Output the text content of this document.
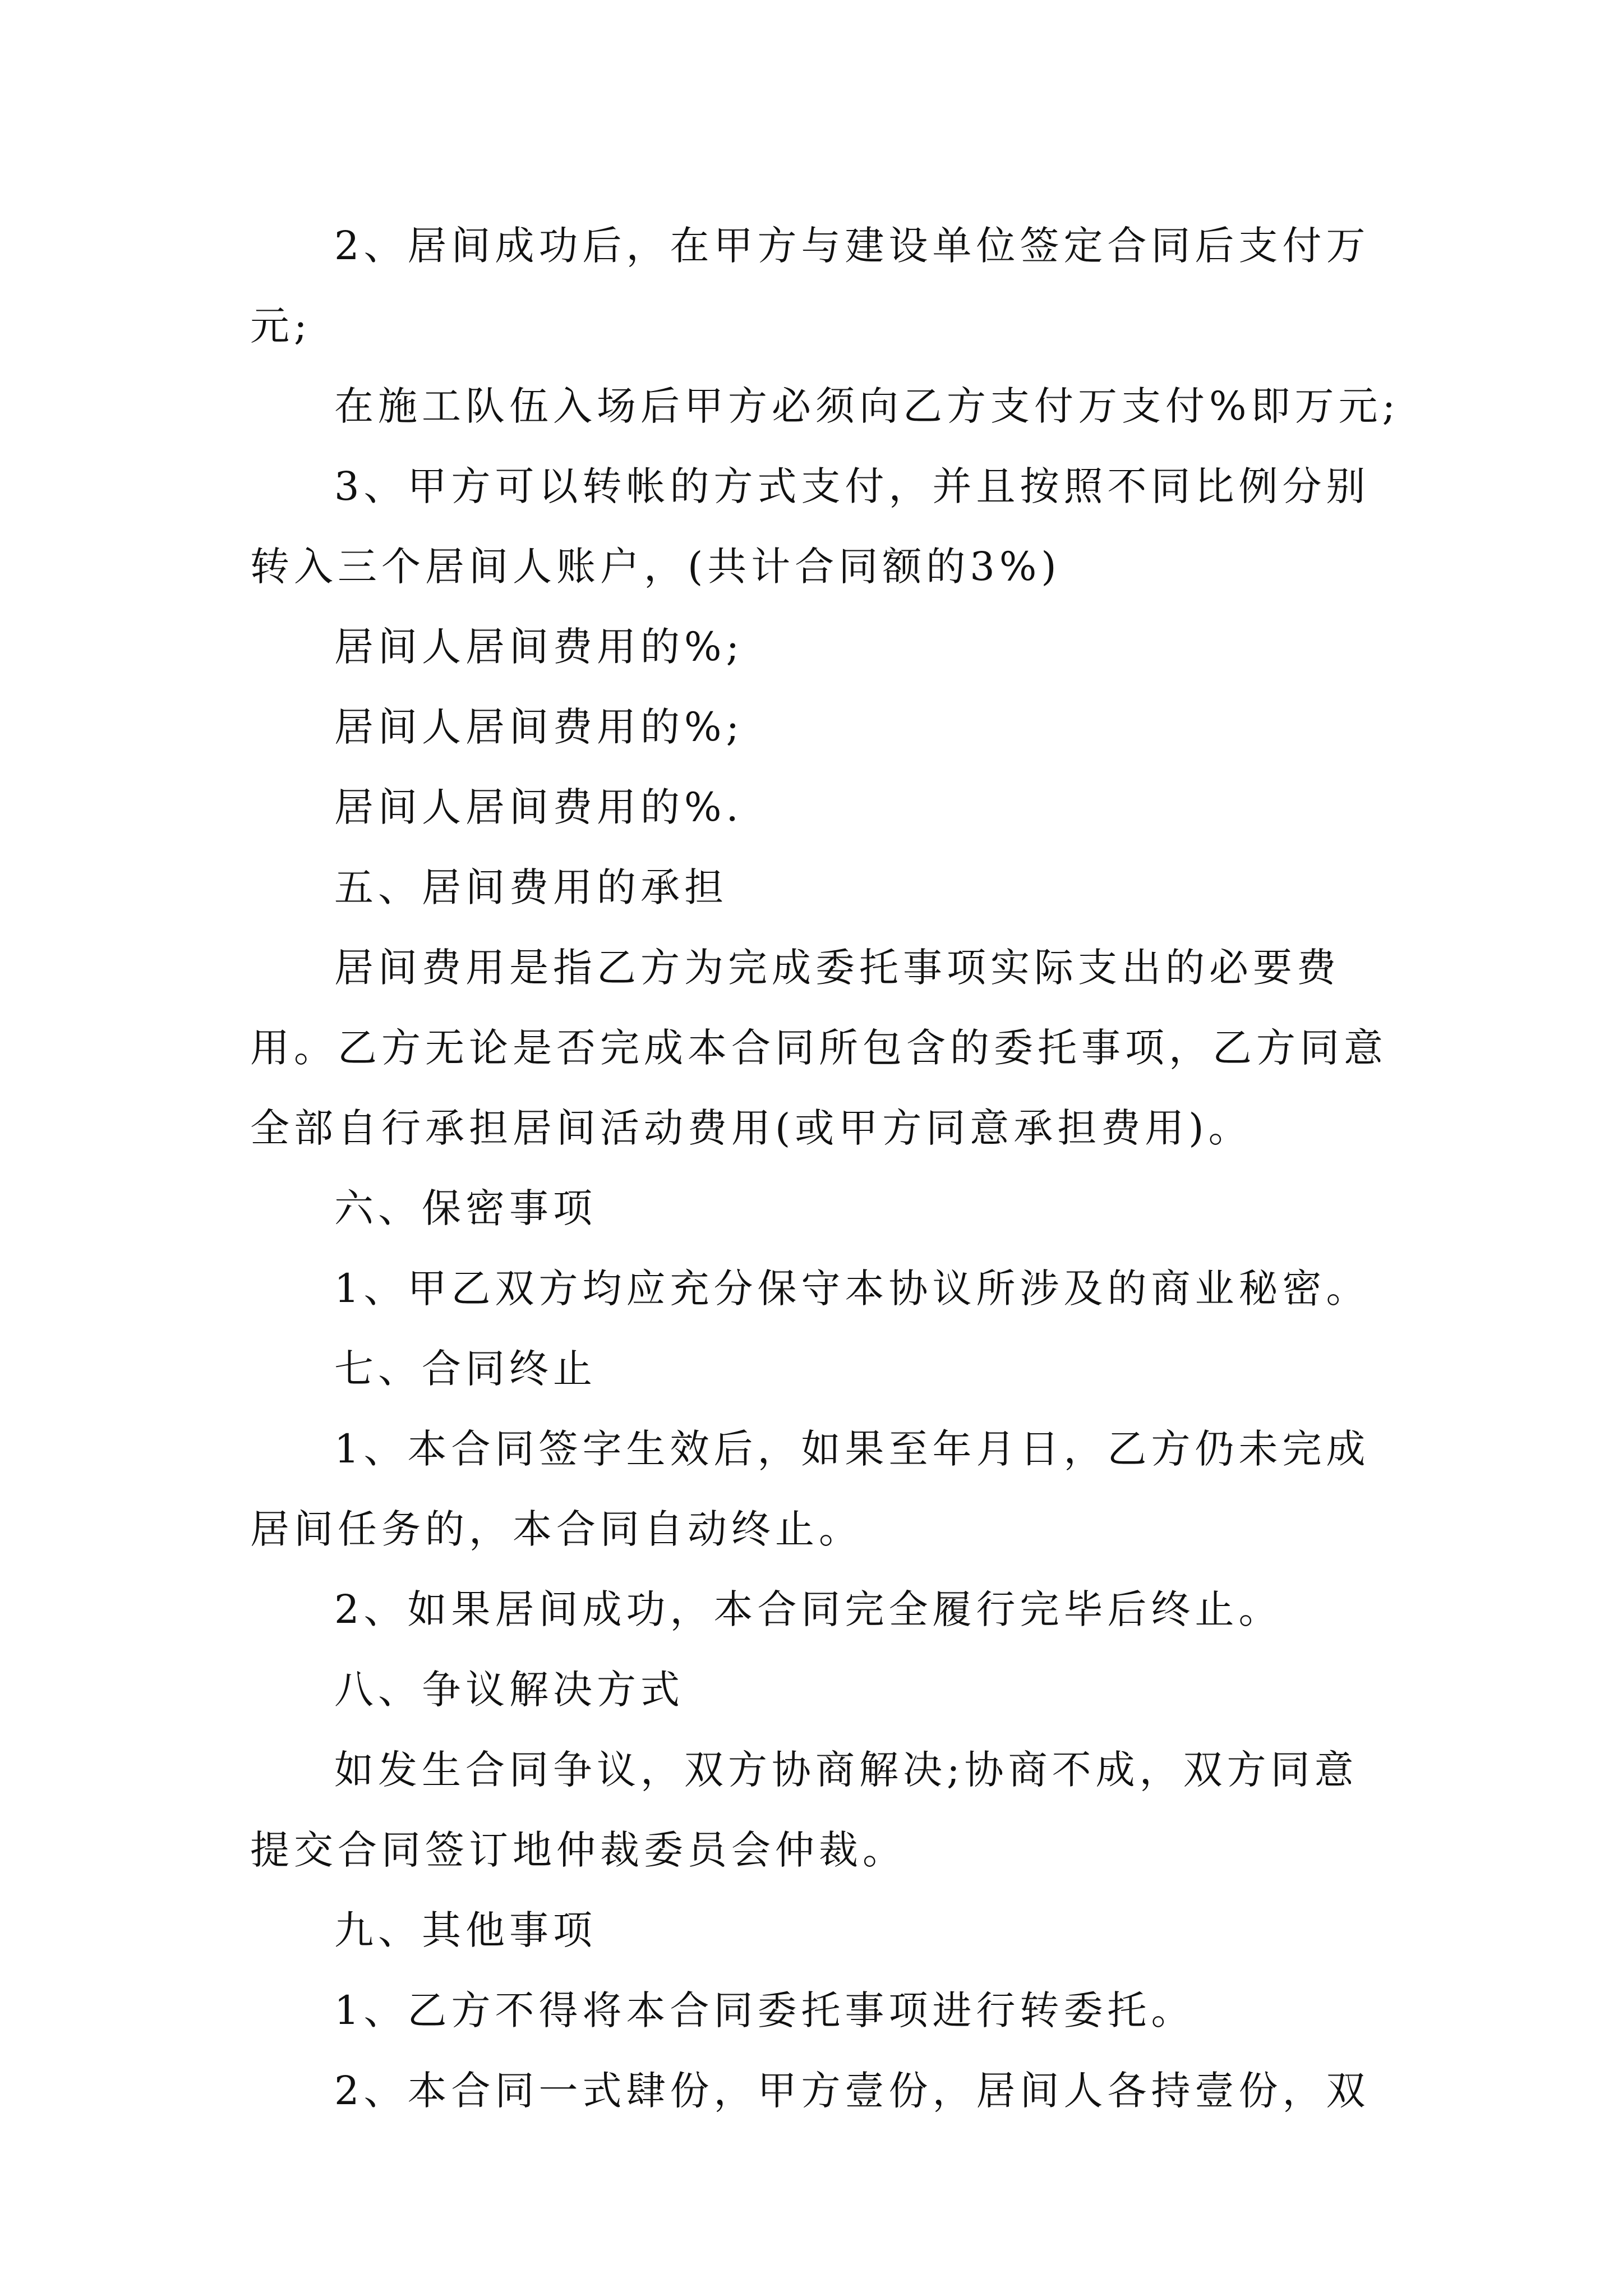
2、居间成功后，在甲方与建设单位签定合同后支付万
元;
在施工队伍入场后甲方必须向乙方支付万支付%即万元;
3、甲方可以转帐的方式支付，并且按照不同比例分别
转入三个居间人账户，(共计合同额的3%)
居间人居间费用的%;
居间人居间费用的%;
居间人居间费用的%.
五、居间费用的承担
居间费用是指乙方为完成委托事项实际支出的必要费
用。乙方无论是否完成本合同所包含的委托事项，乙方同意
全部自行承担居间活动费用(或甲方同意承担费用)。
六、保密事项
1、甲乙双方均应充分保守本协议所涉及的商业秘密。
七、合同终止
1、本合同签字生效后，如果至年月日，乙方仍未完成
居间任务的，本合同自动终止。
2、如果居间成功，本合同完全履行完毕后终止。
八、争议解决方式
如发生合同争议，双方协商解决;协商不成，双方同意
提交合同签订地仲裁委员会仲裁。
九、其他事项
1、乙方不得将本合同委托事项进行转委托。
2、本合同一式肆份，甲方壹份，居间人各持壹份，双
